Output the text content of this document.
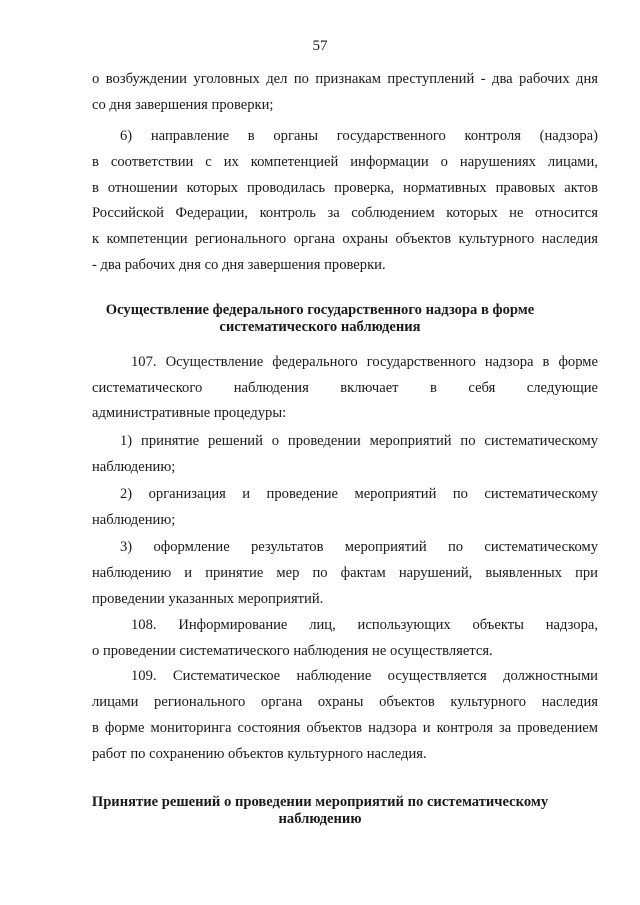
57
о возбуждении уголовных дел по признакам преступлений - два рабочих дня
со дня завершения проверки;
6) направление в органы государственного контроля (надзора)
в соответствии с их компетенцией информации о нарушениях лицами,
в отношении которых проводилась проверка, нормативных правовых актов
Российской Федерации, контроль за соблюдением которых не относится
к компетенции регионального органа охраны объектов культурного наследия
- два рабочих дня со дня завершения проверки.
Осуществление федерального государственного надзора в форме
систематического наблюдения
107. Осуществление федерального государственного надзора в форме
систематического наблюдения включает в себя следующие
административные процедуры:
1) принятие решений о проведении мероприятий по систематическому
наблюдению;
2) организация и проведение мероприятий по систематическому
наблюдению;
3) оформление результатов мероприятий по систематическому
наблюдению и принятие мер по фактам нарушений, выявленных при
проведении указанных мероприятий.
108. Информирование лиц, использующих объекты надзора,
о проведении систематического наблюдения не осуществляется.
109. Систематическое наблюдение осуществляется должностными
лицами регионального органа охраны объектов культурного наследия
в форме мониторинга состояния объектов надзора и контроля за проведением
работ по сохранению объектов культурного наследия.
Принятие решений о проведении мероприятий по систематическому
наблюдению
